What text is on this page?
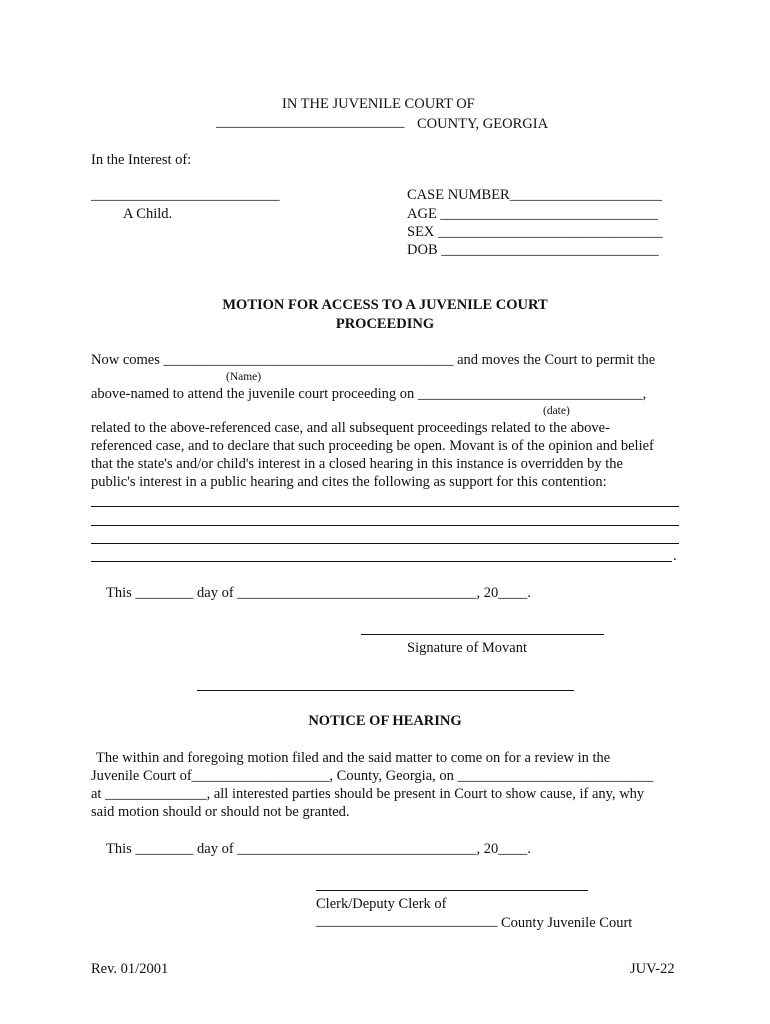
IN THE JUVENILE COURT OF
__________________________ COUNTY, GEORGIA
In the Interest of:
__________________________
A Child.
CASE NUMBER_____________________
AGE ______________________________
SEX _______________________________
DOB ______________________________
MOTION FOR ACCESS TO A JUVENILE COURT
PROCEEDING
Now comes ________________________________________ and moves the Court to permit the
(Name)
above-named to attend the juvenile court proceeding on _______________________________,
(date)
related to the above-referenced case, and all subsequent proceedings related to the above-
referenced case, and to declare that such proceeding be open. Movant is of the opinion and belief
that the state's and/or child's interest in a closed hearing in this instance is overridden by the
public's interest in a public hearing and cites the following as support for this contention:
.
This ________ day of _________________________________, 20____.
Signature of Movant
NOTICE OF HEARING
The within and foregoing motion filed and the said matter to come on for a review in the
Juvenile Court of___________________, County, Georgia, on ___________________________
at ______________, all interested parties should be present in Court to show cause, if any, why
said motion should or should not be granted.
This ________ day of _________________________________, 20____.
Clerk/Deputy Clerk of
_________________________ County Juvenile Court
Rev. 01/2001	JUV-22
